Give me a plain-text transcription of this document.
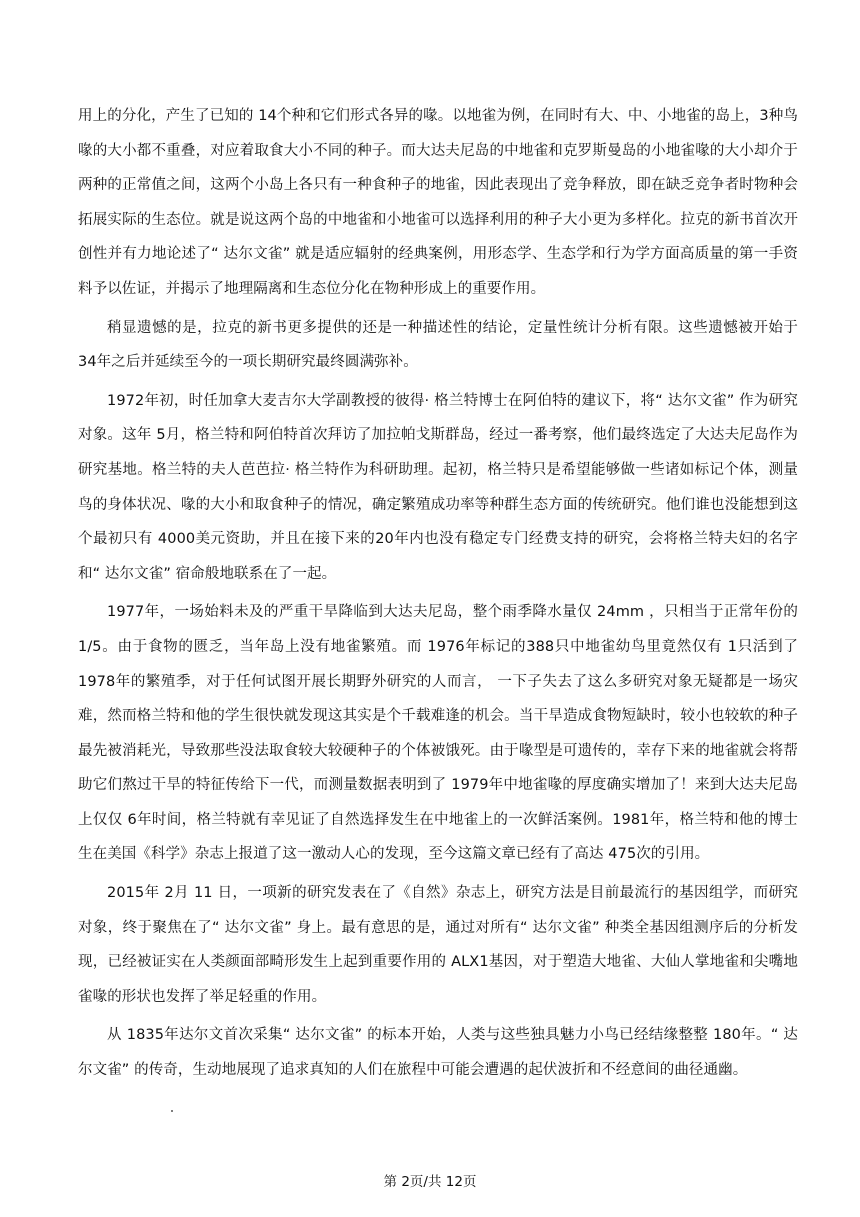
用上的分化，产生了已知的 14个种和它们形式各异的喙。以地雀为例，在同时有大、中、小地雀的岛上，3种鸟喙的大小都不重叠，对应着取食大小不同的种子。而大达夫尼岛的中地雀和克罗斯曼岛的小地雀喙的大小却介于两种的正常值之间，这两个小岛上各只有一种食种子的地雀，因此表现出了竞争释放，即在缺乏竞争者时物种会拓展实际的生态位。就是说这两个岛的中地雀和小地雀可以选择利用的种子大小更为多样化。拉克的新书首次开创性并有力地论述了“ 达尔文雀” 就是适应辐射的经典案例，用形态学、生态学和行为学方面高质量的第一手资料予以佐证，并揭示了地理隔离和生态位分化在物种形成上的重要作用。

稍显遗憾的是，拉克的新书更多提供的还是一种描述性的结论，定量性统计分析有限。这些遗憾被开始于 34年之后并延续至今的一项长期研究最终圆满弥补。

1972年初，时任加拿大麦吉尔大学副教授的彼得· 格兰特博士在阿伯特的建议下，将“ 达尔文雀” 作为研究对象。这年 5月，格兰特和阿伯特首次拜访了加拉帕戈斯群岛，经过一番考察，他们最终选定了大达夫尼岛作为研究基地。格兰特的夫人芭芭拉· 格兰特作为科研助理。起初，格兰特只是希望能够做一些诸如标记个体，测量鸟的身体状况、喙的大小和取食种子的情况，确定繁殖成功率等种群生态方面的传统研究。他们谁也没能想到这个最初只有 4000美元资助，并且在接下来的20年内也没有稳定专门经费支持的研究，会将格兰特夫妇的名字和“ 达尔文雀” 宿命般地联系在了一起。

1977年，一场始料未及的严重干旱降临到大达夫尼岛，整个雨季降水量仅 24mm ，只相当于正常年份的 1/5。由于食物的匮乏，当年岛上没有地雀繁殖。而 1976年标记的388只中地雀幼鸟里竟然仅有 1只活到了 1978年的繁殖季，对于任何试图开展长期野外研究的人而言， 一下子失去了这么多研究对象无疑都是一场灾难，然而格兰特和他的学生很快就发现这其实是个千载难逢的机会。当干旱造成食物短缺时，较小也较软的种子最先被消耗光，导致那些没法取食较大较硬种子的个体被饿死。由于喙型是可遗传的，幸存下来的地雀就会将帮助它们熬过干旱的特征传给下一代，而测量数据表明到了 1979年中地雀喙的厚度确实增加了！来到大达夫尼岛上仅仅 6年时间，格兰特就有幸见证了自然选择发生在中地雀上的一次鲜活案例。1981年，格兰特和他的博士生在美国《科学》杂志上报道了这一激动人心的发现，至今这篇文章已经有了高达 475次的引用。

2015年 2月 11 日，一项新的研究发表在了《自然》杂志上，研究方法是目前最流行的基因组学，而研究对象，终于聚焦在了“ 达尔文雀” 身上。最有意思的是，通过对所有“ 达尔文雀” 种类全基因组测序后的分析发现，已经被证实在人类颜面部畸形发生上起到重要作用的 ALX1基因，对于塑造大地雀、大仙人掌地雀和尖嘴地雀喙的形状也发挥了举足轻重的作用。

从 1835年达尔文首次采集“ 达尔文雀” 的标本开始，人类与这些独具魅力小鸟已经结缘整整 180年。“ 达尔文雀” 的传奇，生动地展现了追求真知的人们在旅程中可能会遭遇的起伏波折和不经意间的曲径通幽。

第 2页/共 12页
